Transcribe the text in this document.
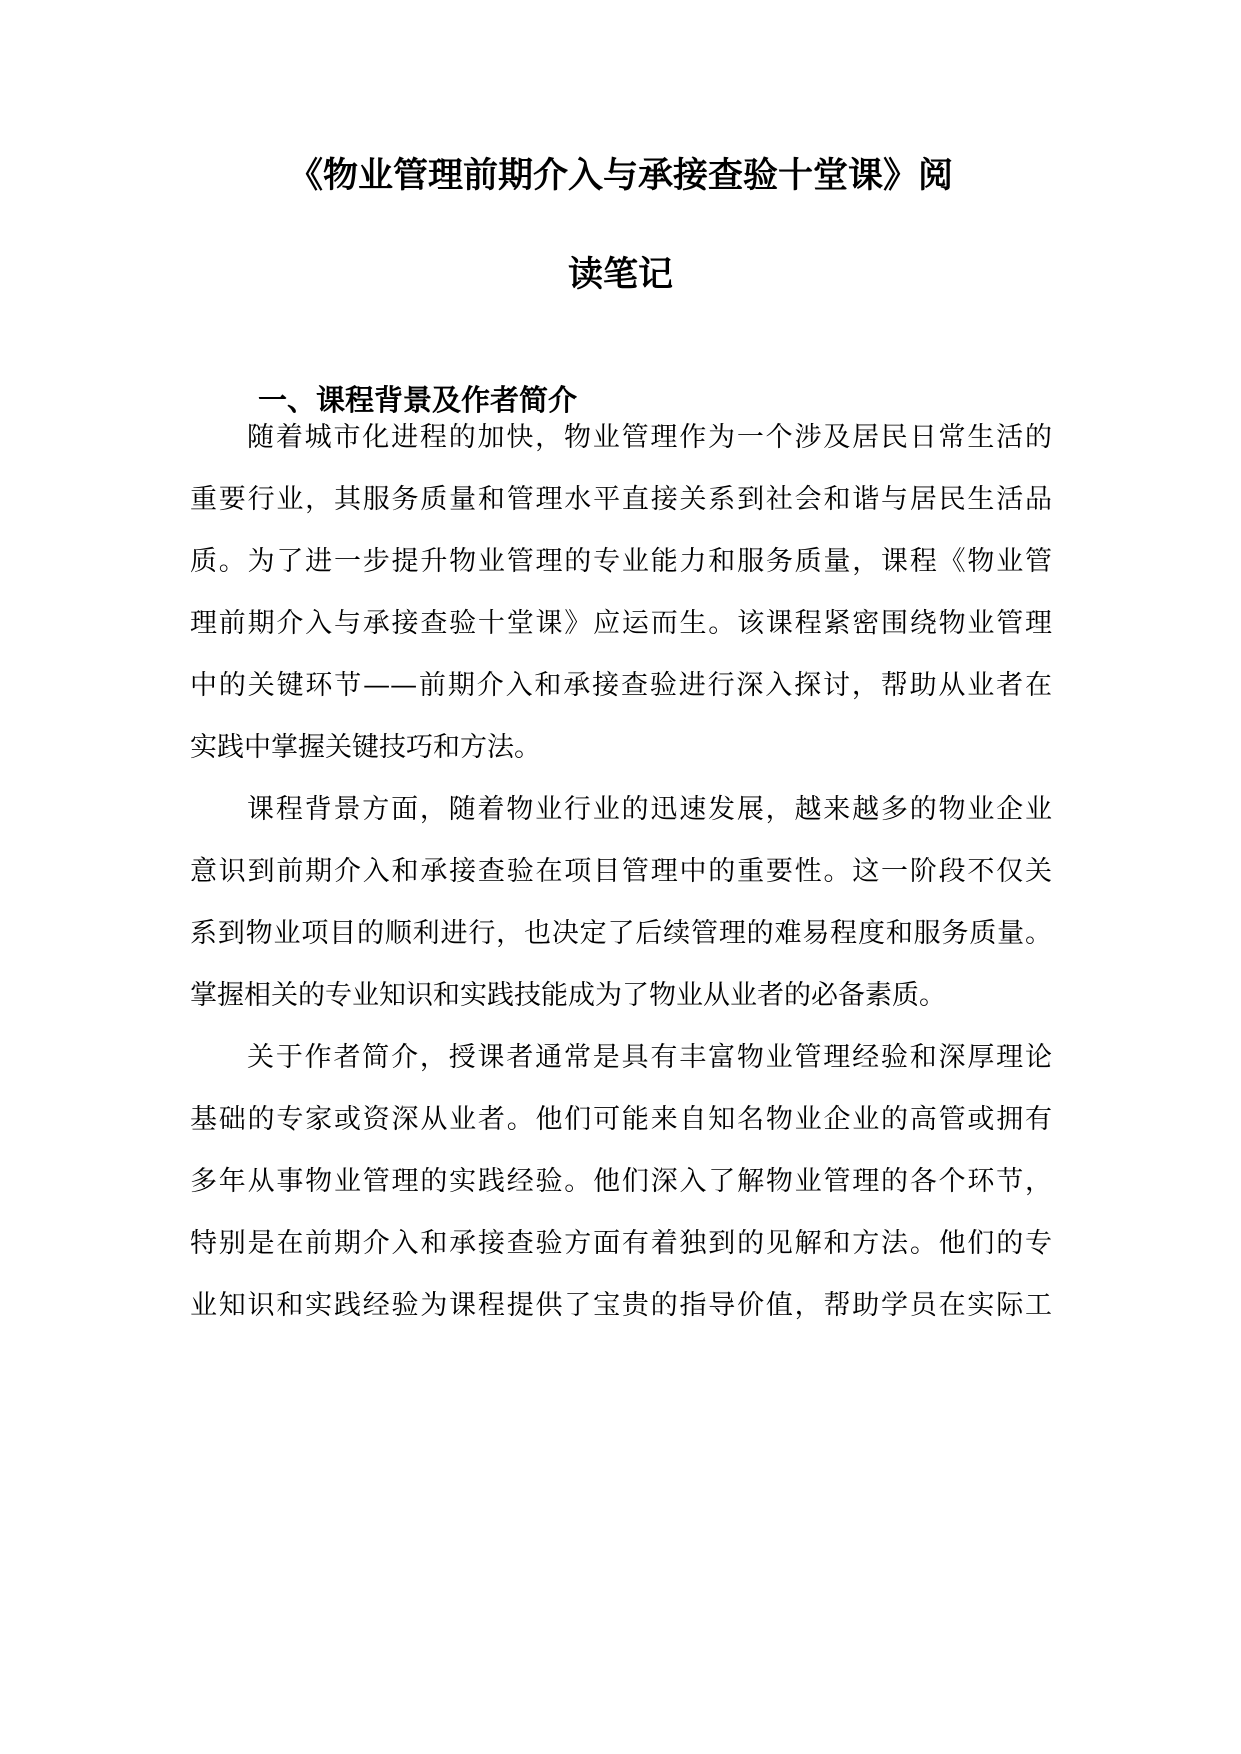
《物业管理前期介入与承接查验十堂课》阅
读笔记
一、课程背景及作者简介
随着城市化进程的加快，物业管理作为一个涉及居民日常生活的
重要行业，其服务质量和管理水平直接关系到社会和谐与居民生活品
质。为了进一步提升物业管理的专业能力和服务质量，课程《物业管
理前期介入与承接查验十堂课》应运而生。该课程紧密围绕物业管理
中的关键环节——前期介入和承接查验进行深入探讨，帮助从业者在
实践中掌握关键技巧和方法。
课程背景方面，随着物业行业的迅速发展，越来越多的物业企业
意识到前期介入和承接查验在项目管理中的重要性。这一阶段不仅关
系到物业项目的顺利进行，也决定了后续管理的难易程度和服务质量。
掌握相关的专业知识和实践技能成为了物业从业者的必备素质。
关于作者简介，授课者通常是具有丰富物业管理经验和深厚理论
基础的专家或资深从业者。他们可能来自知名物业企业的高管或拥有
多年从事物业管理的实践经验。他们深入了解物业管理的各个环节，
特别是在前期介入和承接查验方面有着独到的见解和方法。他们的专
业知识和实践经验为课程提供了宝贵的指导价值，帮助学员在实际工
